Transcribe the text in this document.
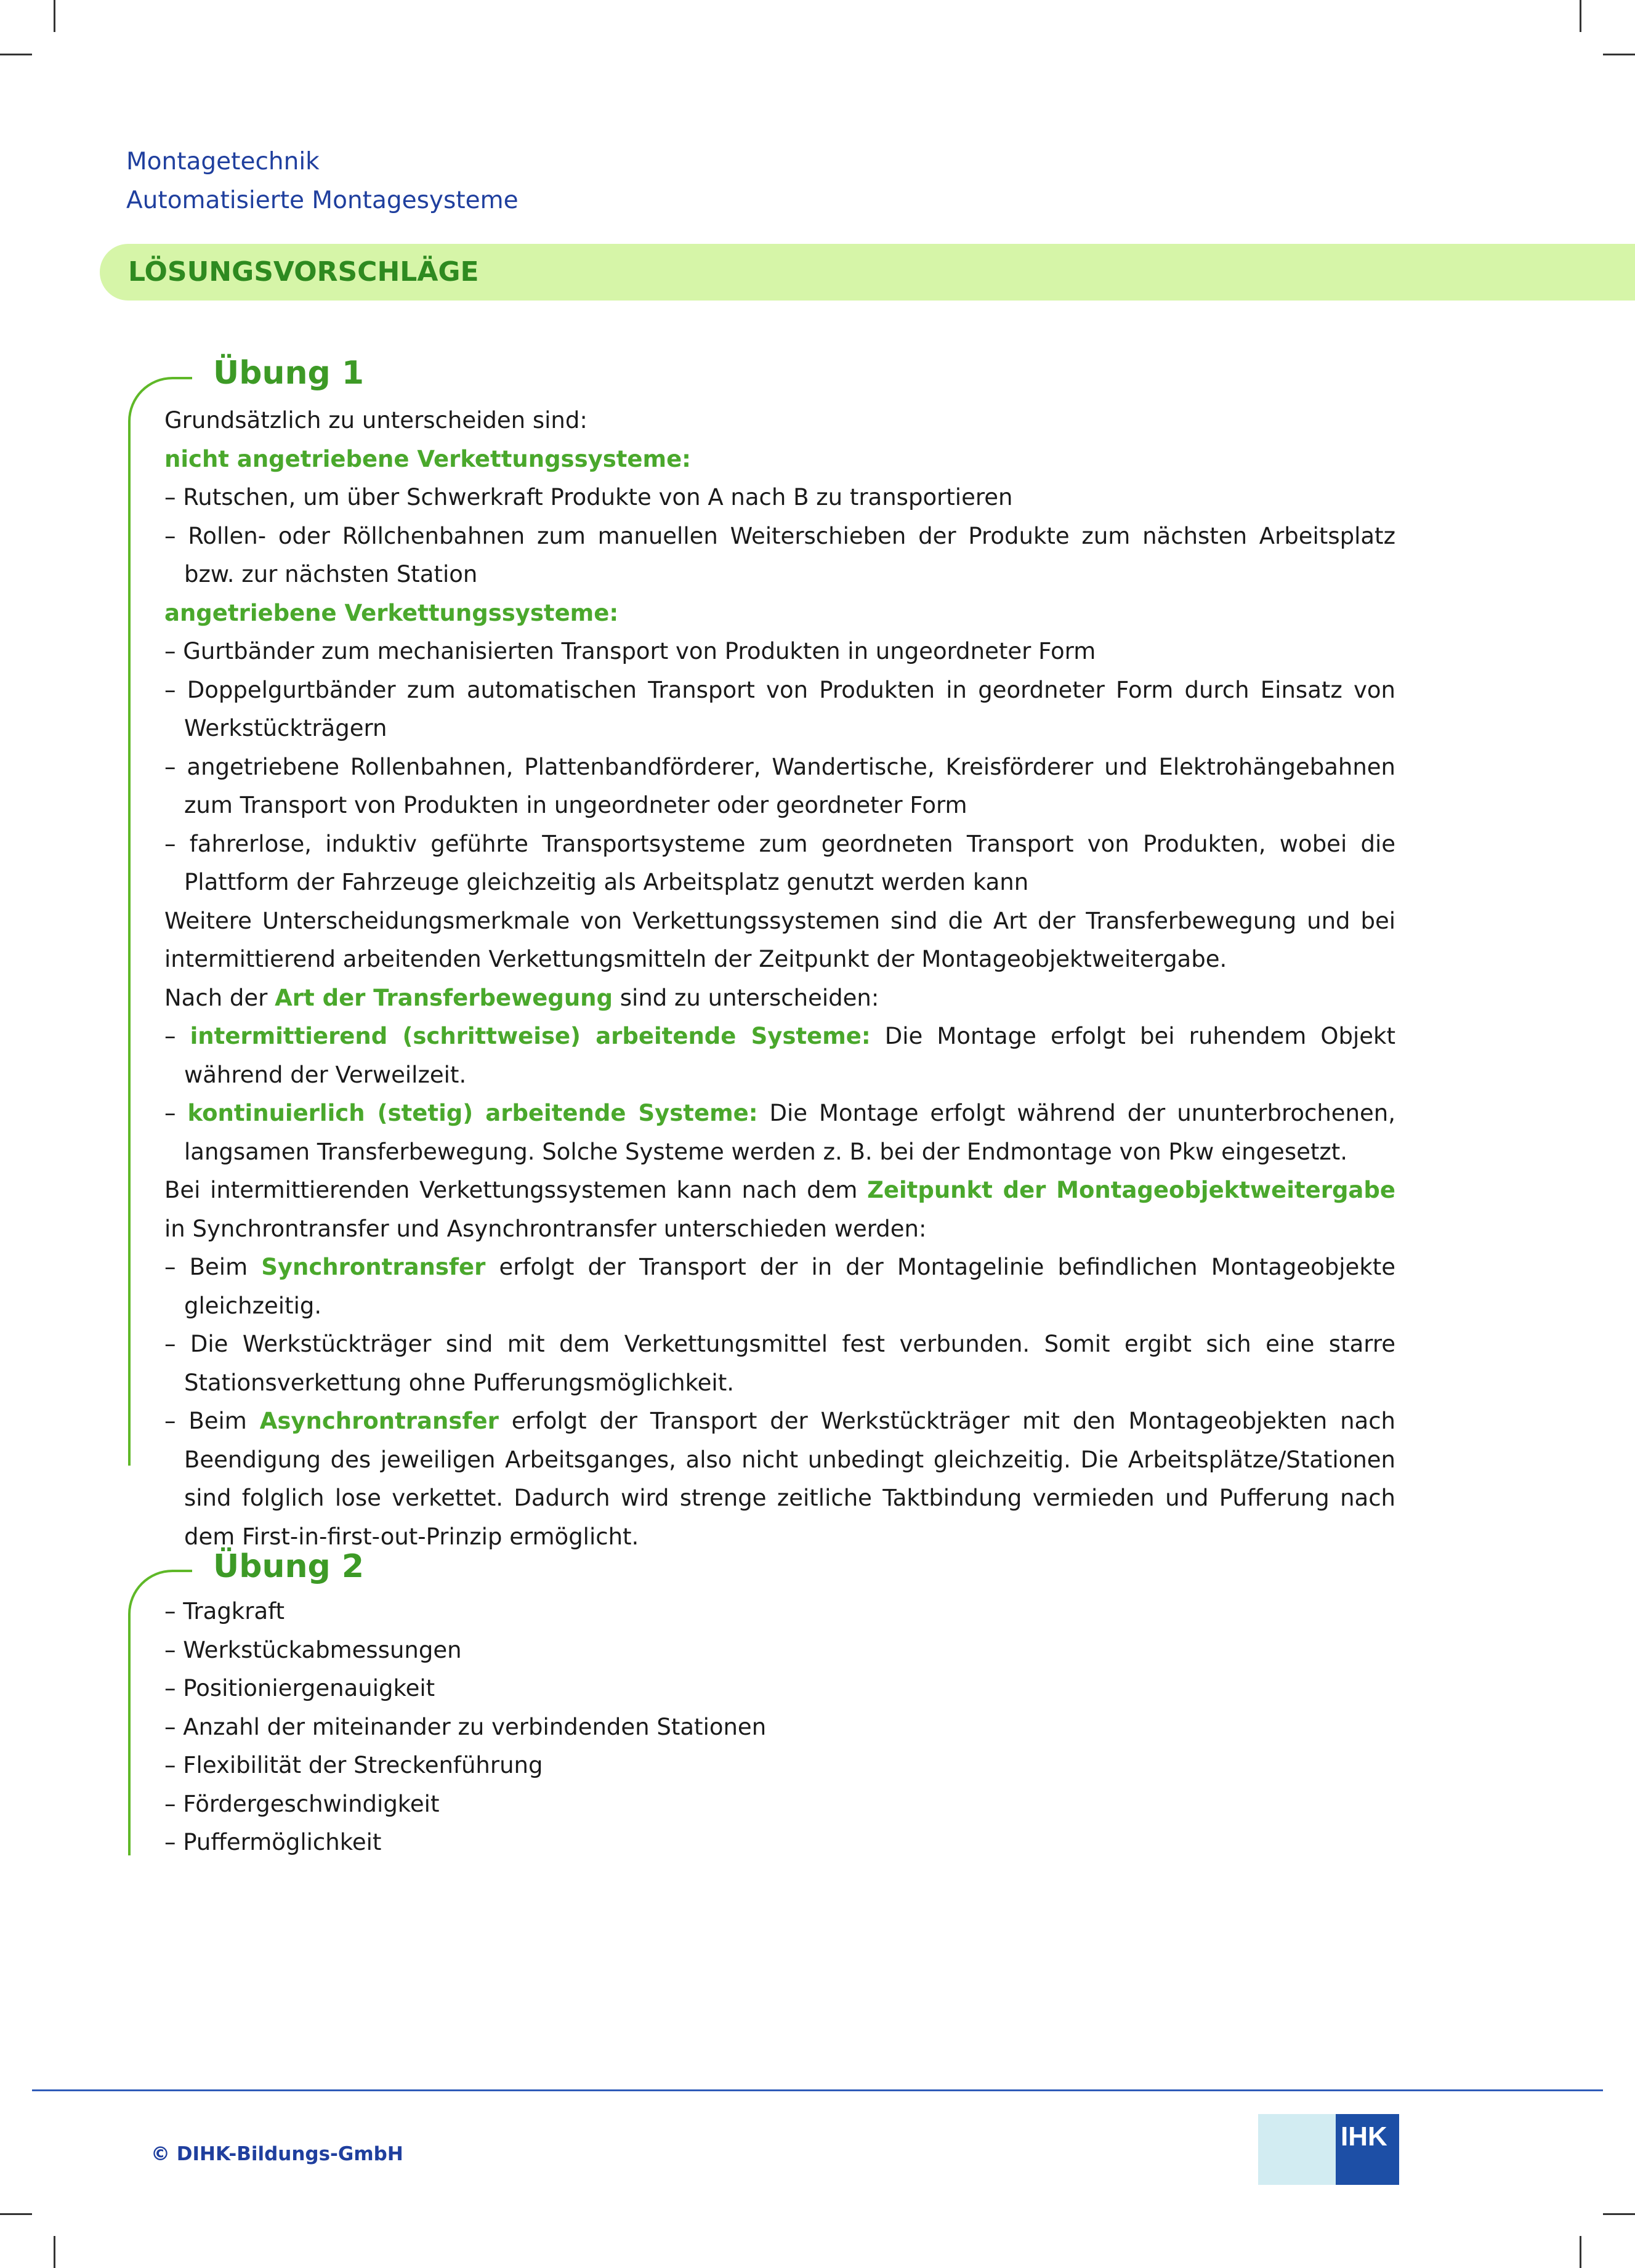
Montagetechnik
Automatisierte Montagesysteme
LÖSUNGSVORSCHLÄGE
Übung 1

Grundsätzlich zu unterscheiden sind:

nicht angetriebene Verkettungssysteme:

– Rutschen, um über Schwerkraft Produkte von A nach B zu transportieren

– Rollen- oder Röllchenbahnen zum manuellen Weiterschieben der Produkte zum nächsten Arbeitsplatz bzw. zur nächsten Station

angetriebene Verkettungssysteme:

– Gurtbänder zum mechanisierten Transport von Produkten in ungeordneter Form

– Doppelgurtbänder zum automatischen Transport von Produkten in geordneter Form durch Einsatz von Werkstückträgern

– angetriebene Rollenbahnen, Plattenbandförderer, Wandertische, Kreisförderer und Elektrohängebahnen zum Transport von Produkten in ungeordneter oder geordneter Form

– fahrerlose, induktiv geführte Transportsysteme zum geordneten Transport von Produkten, wobei die Plattform der Fahrzeuge gleichzeitig als Arbeitsplatz genutzt werden kann

Weitere Unterscheidungsmerkmale von Verkettungssystemen sind die Art der Transferbewegung und bei intermittierend arbeitenden Verkettungsmitteln der Zeitpunkt der Montageobjektweitergabe.

Nach der Art der Transferbewegung sind zu unterscheiden:

– intermittierend (schrittweise) arbeitende Systeme: Die Montage erfolgt bei ruhendem Objekt während der Verweilzeit.

– kontinuierlich (stetig) arbeitende Systeme: Die Montage erfolgt während der ununterbrochenen, langsamen Transferbewegung. Solche Systeme werden z. B. bei der Endmontage von Pkw eingesetzt.

Bei intermittierenden Verkettungssystemen kann nach dem Zeitpunkt der Montageobjektweitergabe in Synchrontransfer und Asynchrontransfer unterschieden werden:

– Beim Synchrontransfer erfolgt der Transport der in der Montagelinie befindlichen Montageobjekte gleichzeitig.

– Die Werkstückträger sind mit dem Verkettungsmittel fest verbunden. Somit ergibt sich eine starre Stationsverkettung ohne Pufferungsmöglichkeit.

– Beim Asynchrontransfer erfolgt der Transport der Werkstückträger mit den Montageobjekten nach Beendigung des jeweiligen Arbeitsganges, also nicht unbedingt gleichzeitig. Die Arbeitsplätze/Stationen sind folglich lose verkettet. Dadurch wird strenge zeitliche Taktbindung vermieden und Pufferung nach dem First-in-first-out-Prinzip ermöglicht.

Übung 2

– Tragkraft

– Werkstückabmessungen

– Positioniergenauigkeit

– Anzahl der miteinander zu verbindenden Stationen

– Flexibilität der Streckenführung

– Fördergeschwindigkeit

– Puffermöglichkeit

© DIHK-Bildungs-GmbH
IHK
